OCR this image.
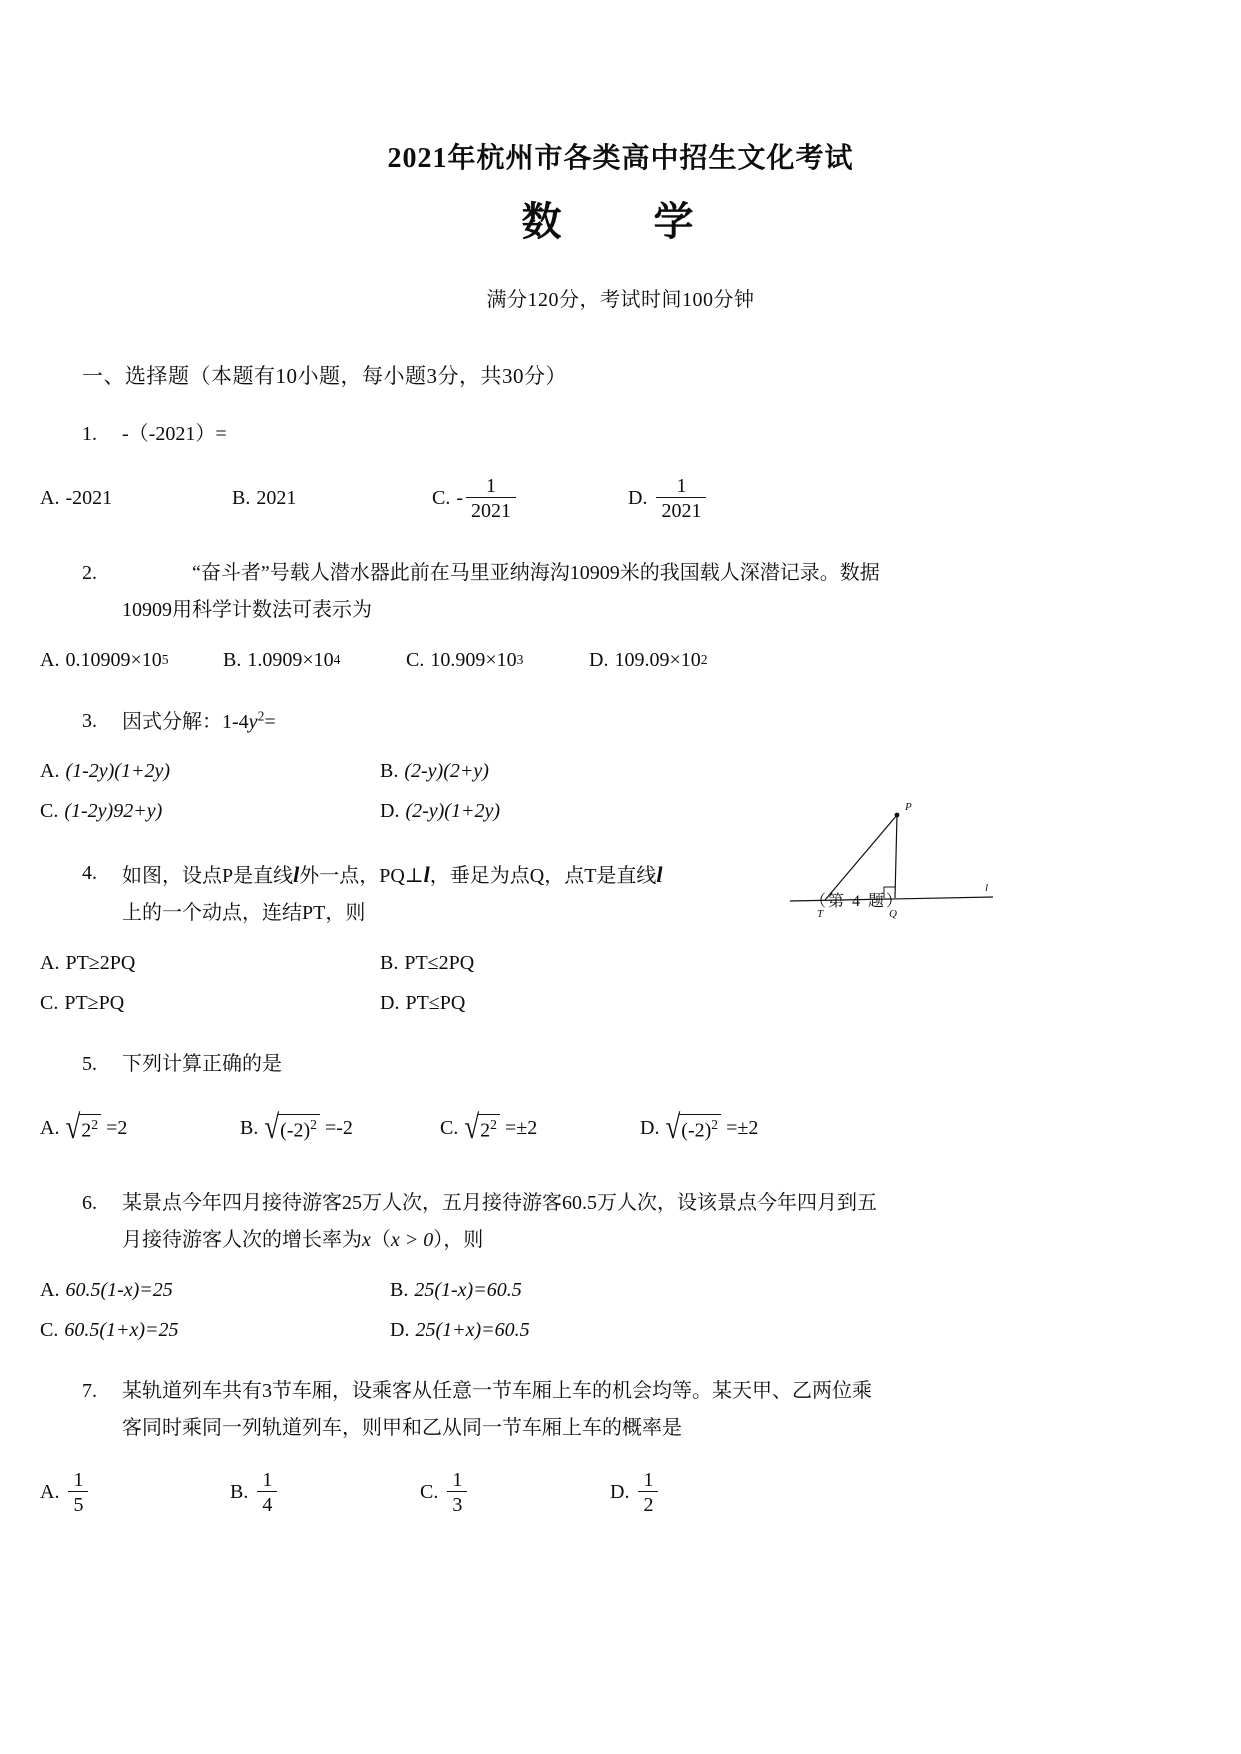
2021年杭州市各类高中招生文化考试
数　学
满分120分，考试时间100分钟
一、选择题（本题有10小题，每小题3分，共30分）
1.	-（-2021）=
A. -2021	B. 2021	C. - $\frac{1}{2021}$	D. $\frac{1}{2021}$
2.	“奋斗者”号载人潜水器此前在马里亚纳海沟10909米的我国载人深潜记录。数据
10909用科学计数法可表示为
A. 0.10909×10 5	B. 1.0909×10 4	C. 10.909×10 3	D. 109.09×10 2
3.	因式分解：$1-4y^2=$
A. (1-2y)(1+2y)	B. (2-y)(2+y)
C. (1-2y)92+y)	D. (2-y)(1+2y)
4.	如图，设点P是直线l外一点，PQ⊥l，垂足为点Q，点T是直线l
上的一个动点，连结PT，则
A. PT≥2PQ	B. PT≤2PQ
C. PT≥PQ	D. PT≤PQ
P
T	Q
l
（第 4 题）
5.	下列计算正确的是
A. √ $2^2 =2$	B. √ $(-2)^2 =-2$	C. √ $2^2 =\pm 2$	D. √ $(-2)^2 =\pm 2$
6.	某景点今年四月接待游客25万人次，五月接待游客60.5万人次，设该景点今年四月到五
月接待游客人次的增长率为x（x > 0），则
A. 60.5(1-x)=25	B. 25(1-x)=60.5
C. 60.5(1+x)=25	D. 25(1+x)=60.5
7.	某轨道列车共有3节车厢，设乘客从任意一节车厢上车的机会均等。某天甲、乙两位乘
客同时乘同一列轨道列车，则甲和乙从同一节车厢上车的概率是
A. $\frac{1}{5}$	B. $\frac{1}{4}$	C. $\frac{1}{3}$	D. $\frac{1}{2}$
